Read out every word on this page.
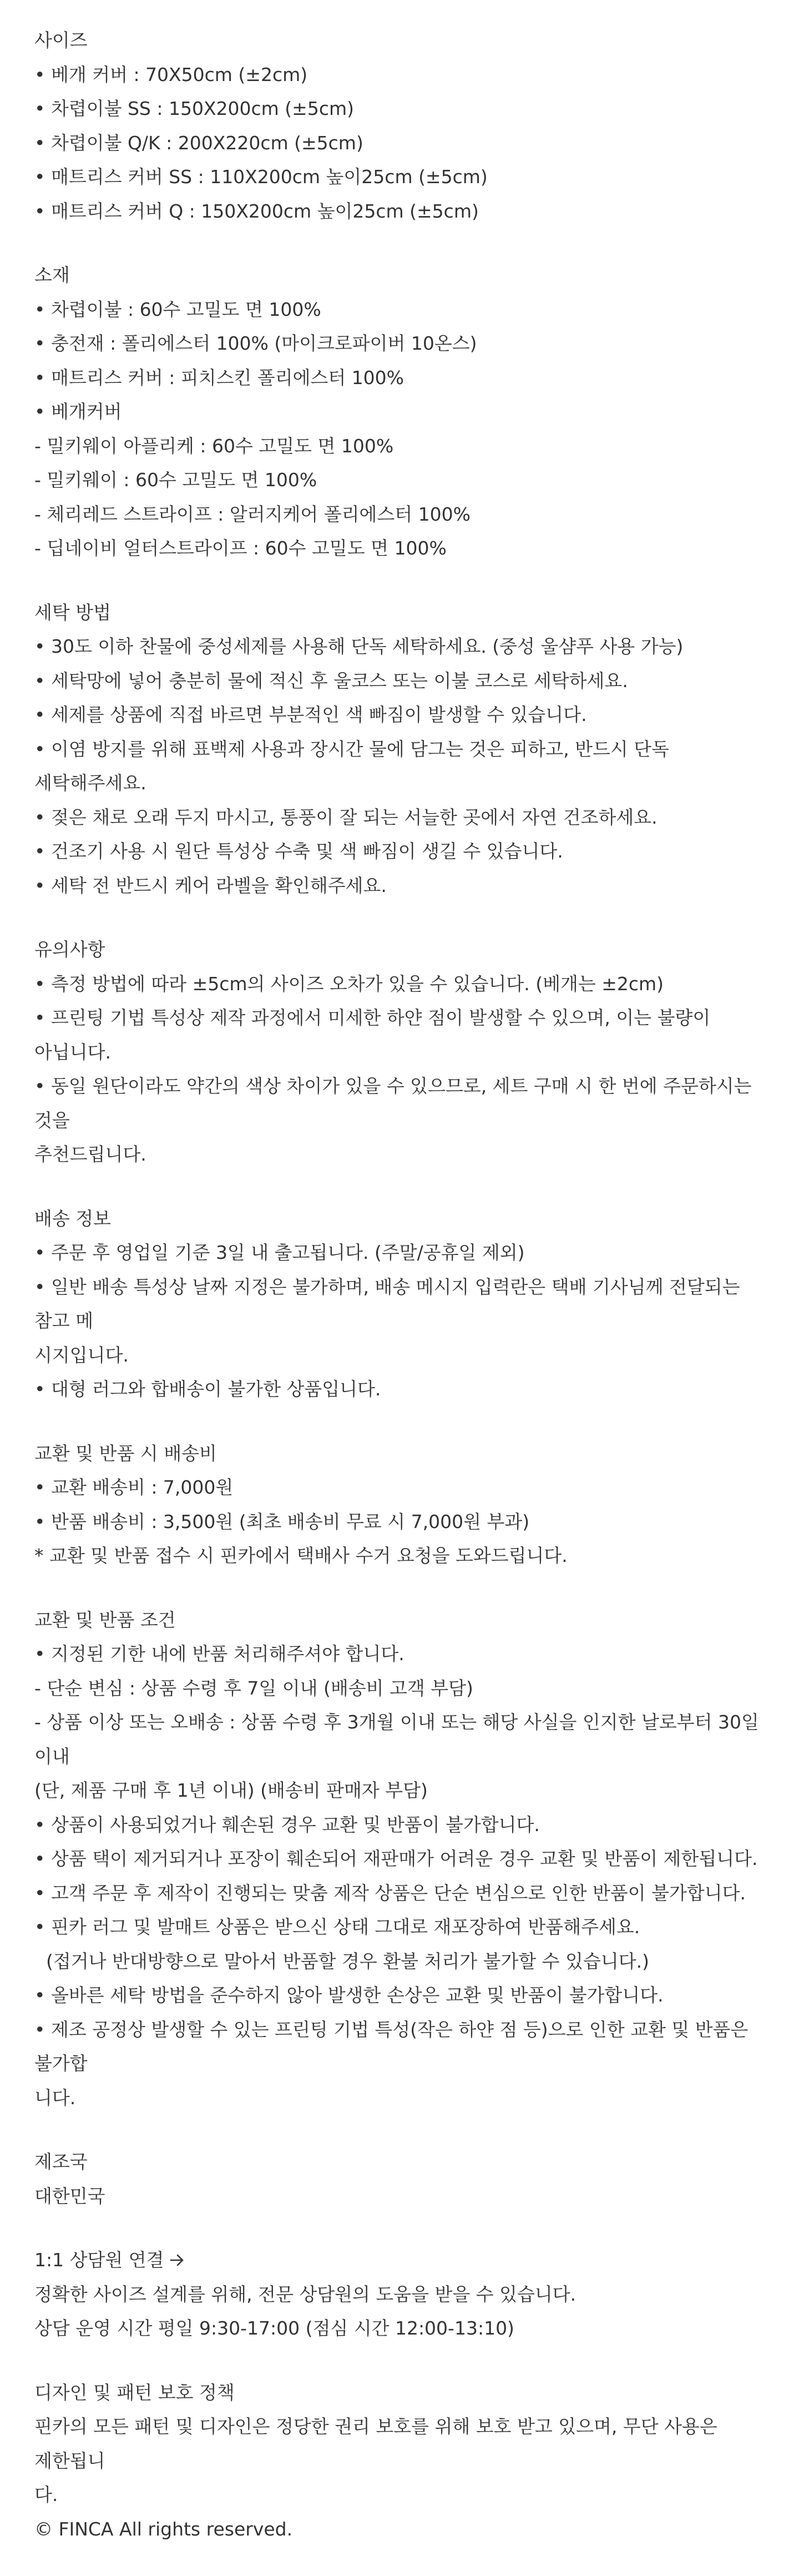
사이즈

• 베개 커버 : 70X50cm (±2cm)

• 차렵이불 SS : 150X200cm (±5cm)

• 차렵이불 Q/K : 200X220cm (±5cm)

• 매트리스 커버 SS : 110X200cm 높이25cm (±5cm)

• 매트리스 커버 Q : 150X200cm 높이25cm (±5cm)

소재

• 차렵이불 : 60수 고밀도 면 100%

• 충전재 : 폴리에스터 100% (마이크로파이버 10온스)

• 매트리스 커버 : 피치스킨 폴리에스터 100%

• 베개커버

- 밀키웨이 아플리케 : 60수 고밀도 면 100%

- 밀키웨이 : 60수 고밀도 면 100%

- 체리레드 스트라이프 : 알러지케어 폴리에스터 100%

- 딥네이비 얼터스트라이프 : 60수 고밀도 면 100%

세탁 방법

• 30도 이하 찬물에 중성세제를 사용해 단독 세탁하세요. (중성 울샴푸 사용 가능)

• 세탁망에 넣어 충분히 물에 적신 후 울코스 또는 이불 코스로 세탁하세요.

• 세제를 상품에 직접 바르면 부분적인 색 빠짐이 발생할 수 있습니다.

• 이염 방지를 위해 표백제 사용과 장시간 물에 담그는 것은 피하고, 반드시 단독 세탁해주세요.

• 젖은 채로 오래 두지 마시고, 통풍이 잘 되는 서늘한 곳에서 자연 건조하세요.

• 건조기 사용 시 원단 특성상 수축 및 색 빠짐이 생길 수 있습니다.

• 세탁 전 반드시 케어 라벨을 확인해주세요.

유의사항

• 측정 방법에 따라 ±5cm의 사이즈 오차가 있을 수 있습니다. (베개는 ±2cm)

• 프린팅 기법 특성상 제작 과정에서 미세한 하얀 점이 발생할 수 있으며, 이는 불량이 아닙니다.

• 동일 원단이라도 약간의 색상 차이가 있을 수 있으므로, 세트 구매 시 한 번에 주문하시는 것을
추천드립니다.

배송 정보

• 주문 후 영업일 기준 3일 내 출고됩니다. (주말/공휴일 제외)

• 일반 배송 특성상 날짜 지정은 불가하며, 배송 메시지 입력란은 택배 기사님께 전달되는 참고 메
시지입니다.

• 대형 러그와 합배송이 불가한 상품입니다.

교환 및 반품 시 배송비

• 교환 배송비 : 7,000원

• 반품 배송비 : 3,500원 (최초 배송비 무료 시 7,000원 부과)

* 교환 및 반품 접수 시 핀카에서 택배사 수거 요청을 도와드립니다.

교환 및 반품 조건

• 지정된 기한 내에 반품 처리해주셔야 합니다.

- 단순 변심 : 상품 수령 후 7일 이내 (배송비 고객 부담)

- 상품 이상 또는 오배송 : 상품 수령 후 3개월 이내 또는 해당 사실을 인지한 날로부터 30일 이내
(단, 제품 구매 후 1년 이내) (배송비 판매자 부담)

• 상품이 사용되었거나 훼손된 경우 교환 및 반품이 불가합니다.

• 상품 택이 제거되거나 포장이 훼손되어 재판매가 어려운 경우 교환 및 반품이 제한됩니다.

• 고객 주문 후 제작이 진행되는 맞춤 제작 상품은 단순 변심으로 인한 반품이 불가합니다.

• 핀카 러그 및 발매트 상품은 받으신 상태 그대로 재포장하여 반품해주세요.

(접거나 반대방향으로 말아서 반품할 경우 환불 처리가 불가할 수 있습니다.)

• 올바른 세탁 방법을 준수하지 않아 발생한 손상은 교환 및 반품이 불가합니다.

• 제조 공정상 발생할 수 있는 프린팅 기법 특성(작은 하얀 점 등)으로 인한 교환 및 반품은 불가합
니다.

제조국

대한민국

1:1 상담원 연결

정확한 사이즈 설계를 위해, 전문 상담원의 도움을 받을 수 있습니다.

상담 운영 시간 평일 9:30-17:00 (점심 시간 12:00-13:10)

디자인 및 패턴 보호 정책

핀카의 모든 패턴 및 디자인은 정당한 권리 보호를 위해 보호 받고 있으며, 무단 사용은 제한됩니
다.

© FINCA All rights reserved.
